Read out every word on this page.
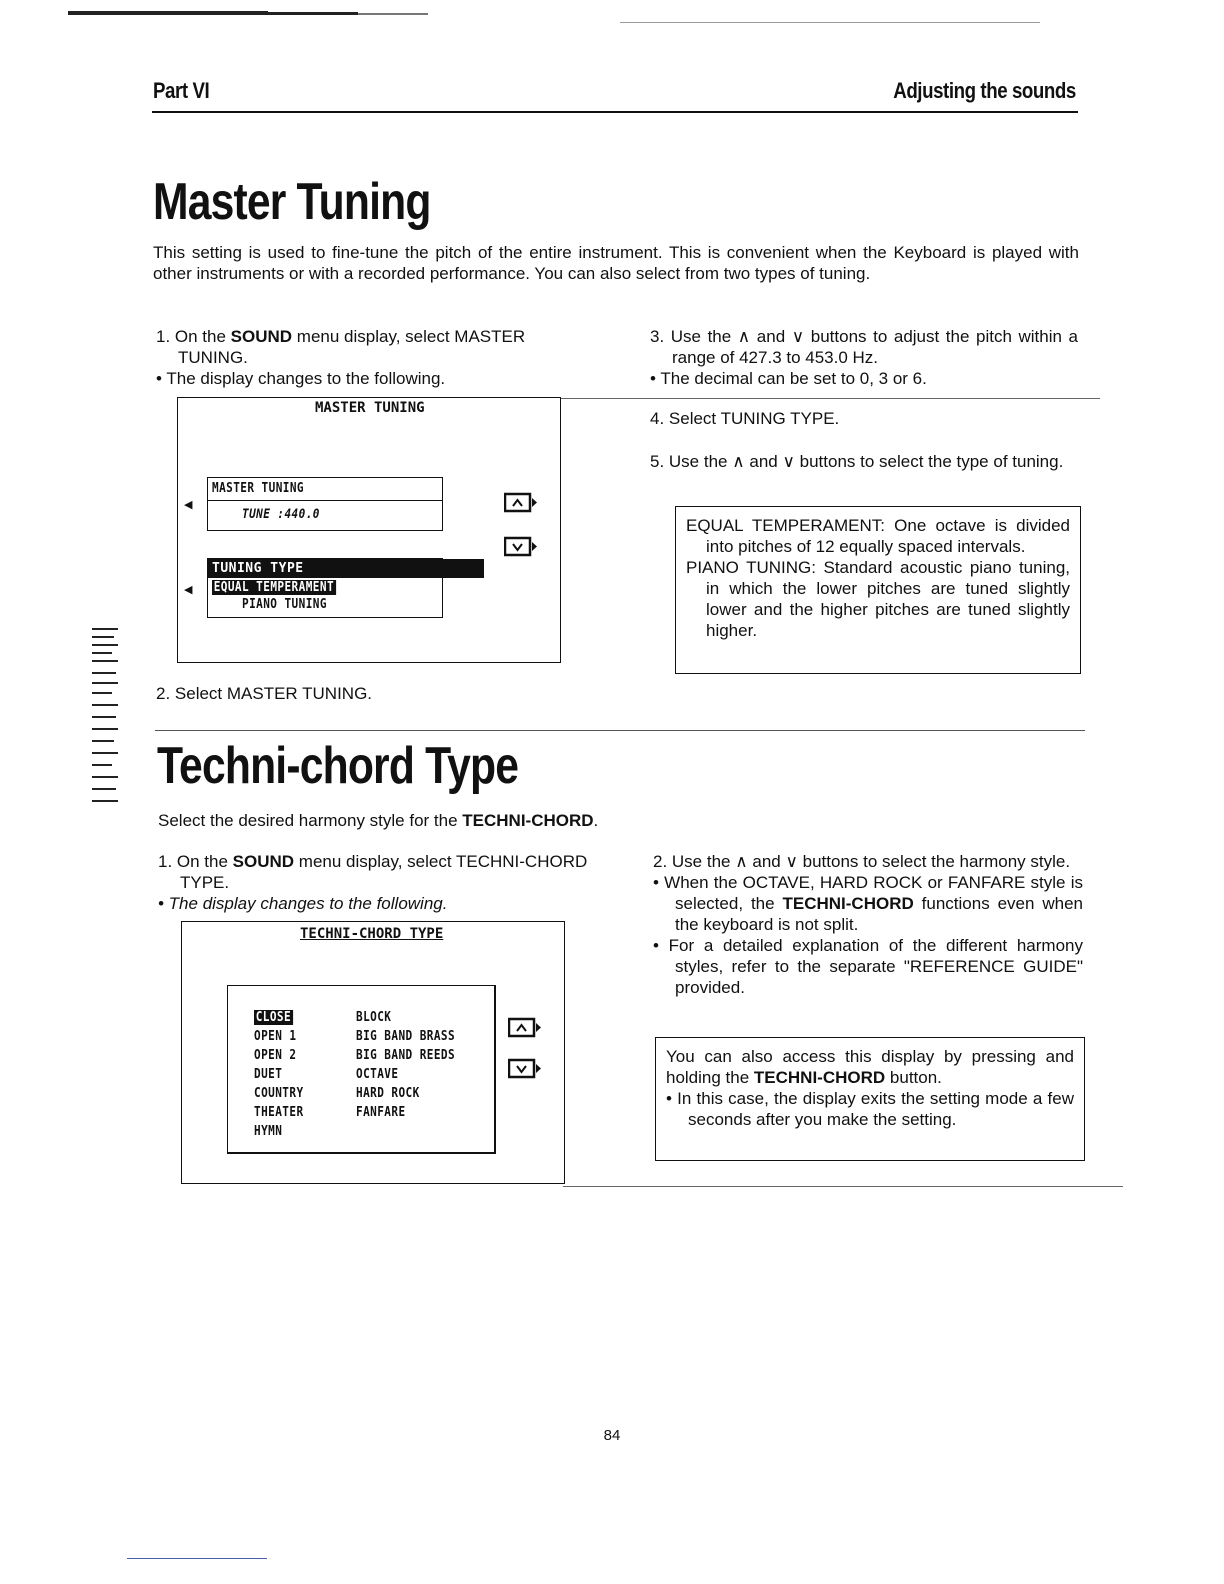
Part VI	Adjusting the sounds
Master Tuning
This setting is used to fine-tune the pitch of the entire instrument. This is convenient when the Keyboard is played with other instruments or with a recorded performance. You can also select from two types of tuning.
1. On the SOUND menu display, select MASTER TUNING.
• The display changes to the following.
3. Use the ∧ and ∨ buttons to adjust the pitch within a range of 427.3 to 453.0 Hz.
• The decimal can be set to 0, 3 or 6.
4. Select TUNING TYPE.
5. Use the ∧ and ∨ buttons to select the type of tuning.
EQUAL TEMPERAMENT: One octave is divided into pitches of 12 equally spaced intervals.
PIANO TUNING: Standard acoustic piano tuning, in which the lower pitches are tuned slightly lower and the higher pitches are tuned slightly higher.
MASTER TUNING
◀
MASTER TUNING
TUNE :440.0
◀
TUNING TYPE
EQUAL TEMPERAMENT
PIANO TUNING
2. Select MASTER TUNING.
Techni-chord Type
Select the desired harmony style for the TECHNI-CHORD.
1. On the SOUND menu display, select TECHNI-CHORD TYPE.
• The display changes to the following.
2. Use the ∧ and ∨ buttons to select the harmony style.
• When the OCTAVE, HARD ROCK or FANFARE style is selected, the TECHNI-CHORD functions even when the keyboard is not split.
• For a detailed explanation of the different harmony styles, refer to the separate "REFERENCE GUIDE" provided.
You can also access this display by pressing and holding the TECHNI-CHORD button.
• In this case, the display exits the setting mode a few seconds after you make the setting.
TECHNI-CHORD TYPE
CLOSE
OPEN 1
OPEN 2
DUET
COUNTRY
THEATER
HYMN
BLOCK
BIG BAND BRASS
BIG BAND REEDS
OCTAVE
HARD ROCK
FANFARE
84
